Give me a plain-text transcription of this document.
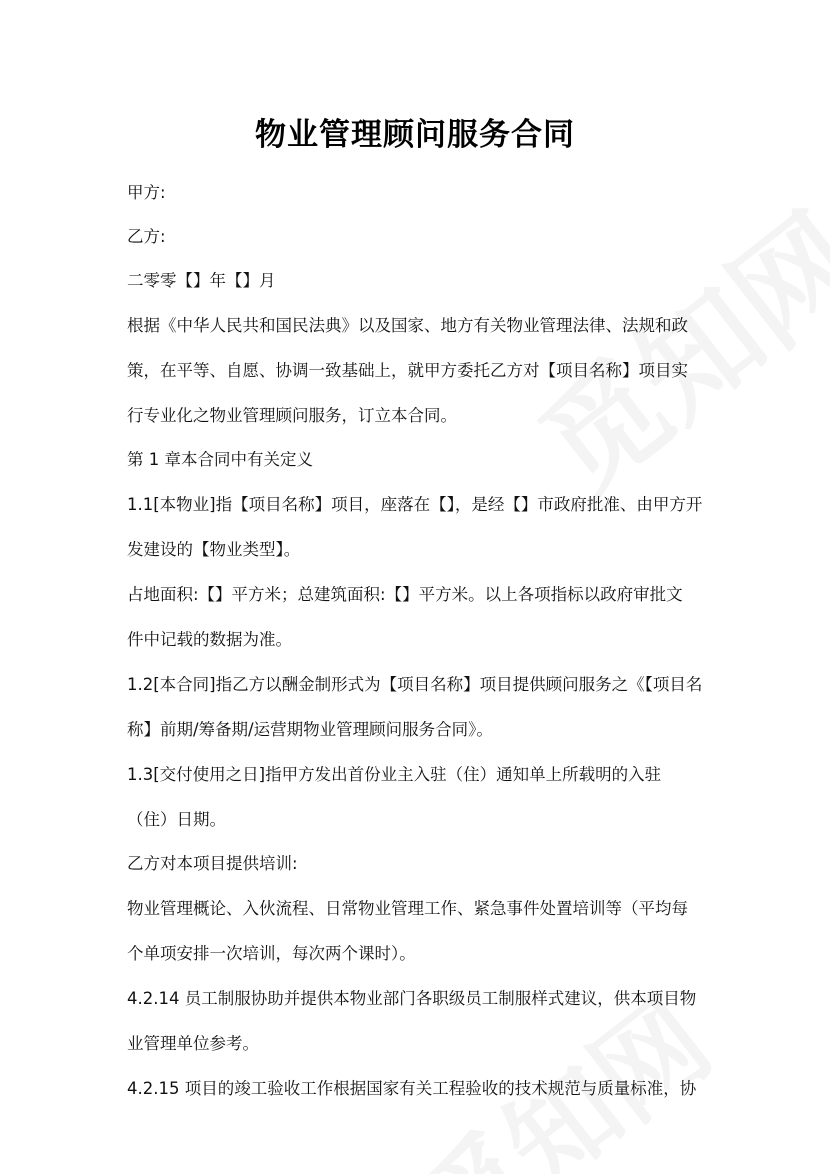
物业管理顾问服务合同

甲方:

乙方:

二零零【】年【】月

根据《中华人民共和国民法典》以及国家、地方有关物业管理法律、法规和政

策，在平等、自愿、协调一致基础上，就甲方委托乙方对【项目名称】项目实

行专业化之物业管理顾问服务，订立本合同。

第 1 章本合同中有关定义

1.1[本物业]指【项目名称】项目，座落在【】，是经【】市政府批准、由甲方开

发建设的【物业类型】。

占地面积:【】平方米；总建筑面积:【】平方米。以上各项指标以政府审批文

件中记载的数据为准。

1.2[本合同]指乙方以酬金制形式为【项目名称】项目提供顾问服务之《【项目名

称】前期/筹备期/运营期物业管理顾问服务合同》。

1.3[交付使用之日]指甲方发出首份业主入驻（住）通知单上所载明的入驻

（住）日期。

乙方对本项目提供培训:

物业管理概论、入伙流程、日常物业管理工作、紧急事件处置培训等（平均每

个单项安排一次培训，每次两个课时）。

4.2.14 员工制服协助并提供本物业部门各职级员工制服样式建议，供本项目物

业管理单位参考。

4.2.15 项目的竣工验收工作根据国家有关工程验收的技术规范与质量标准，协
